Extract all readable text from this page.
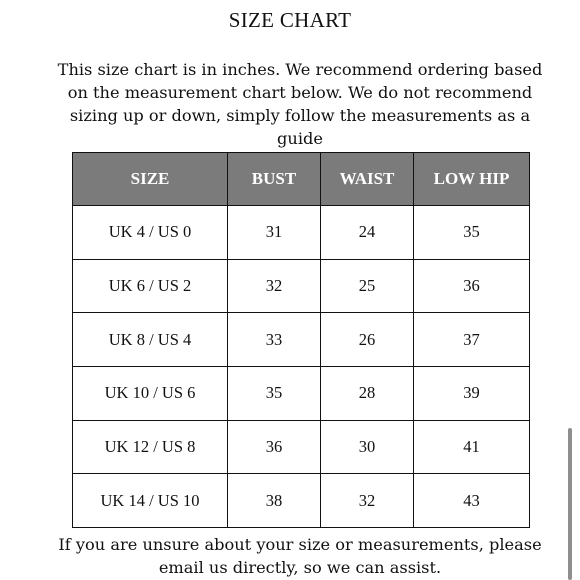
SIZE CHART
This size chart is in inches. We recommend ordering based on the measurement chart below. We do not recommend sizing up or down, simply follow the measurements as a guide
SIZE	BUST	WAIST	LOW HIP
UK 4 / US 0	31	24	35
UK 6 / US 2	32	25	36
UK 8 / US 4	33	26	37
UK 10 / US 6	35	28	39
UK 12 / US 8	36	30	41
UK 14 / US 10	38	32	43
If you are unsure about your size or measurements, please email us directly, so we can assist.
